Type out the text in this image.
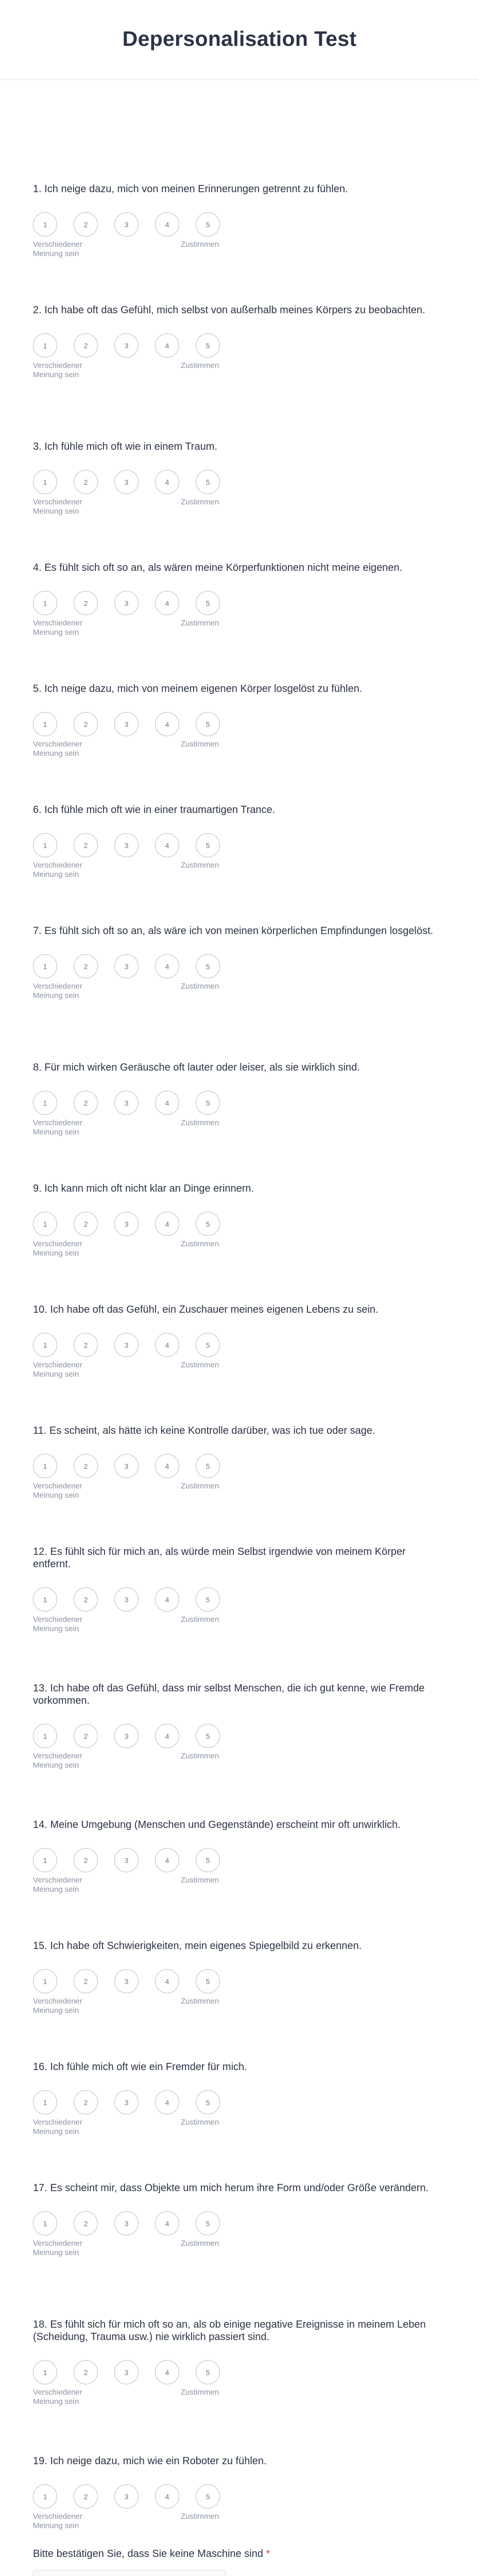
Depersonalisation Test
1. Ich neige dazu, mich von meinen Erinnerungen getrennt zu fühlen.
1	2	3	4	5
Verschiedener Meinung sein
Zustimmen
2. Ich habe oft das Gefühl, mich selbst von außerhalb meines Körpers zu beobachten.
1	2	3	4	5
Verschiedener Meinung sein
Zustimmen
3. Ich fühle mich oft wie in einem Traum.
1	2	3	4	5
Verschiedener Meinung sein
Zustimmen
4. Es fühlt sich oft so an, als wären meine Körperfunktionen nicht meine eigenen.
1	2	3	4	5
Verschiedener Meinung sein
Zustimmen
5. Ich neige dazu, mich von meinem eigenen Körper losgelöst zu fühlen.
1	2	3	4	5
Verschiedener Meinung sein
Zustimmen
6. Ich fühle mich oft wie in einer traumartigen Trance.
1	2	3	4	5
Verschiedener Meinung sein
Zustimmen
7. Es fühlt sich oft so an, als wäre ich von meinen körperlichen Empfindungen losgelöst.
1	2	3	4	5
Verschiedener Meinung sein
Zustimmen
8. Für mich wirken Geräusche oft lauter oder leiser, als sie wirklich sind.
1	2	3	4	5
Verschiedener Meinung sein
Zustimmen
9. Ich kann mich oft nicht klar an Dinge erinnern.
1	2	3	4	5
Verschiedener Meinung sein
Zustimmen
10. Ich habe oft das Gefühl, ein Zuschauer meines eigenen Lebens zu sein.
1	2	3	4	5
Verschiedener Meinung sein
Zustimmen
11. Es scheint, als hätte ich keine Kontrolle darüber, was ich tue oder sage.
1	2	3	4	5
Verschiedener Meinung sein
Zustimmen
12. Es fühlt sich für mich an, als würde mein Selbst irgendwie von meinem Körper entfernt.
1	2	3	4	5
Verschiedener Meinung sein
Zustimmen
13. Ich habe oft das Gefühl, dass mir selbst Menschen, die ich gut kenne, wie Fremde vorkommen.
1	2	3	4	5
Verschiedener Meinung sein
Zustimmen
14. Meine Umgebung (Menschen und Gegenstände) erscheint mir oft unwirklich.
1	2	3	4	5
Verschiedener Meinung sein
Zustimmen
15. Ich habe oft Schwierigkeiten, mein eigenes Spiegelbild zu erkennen.
1	2	3	4	5
Verschiedener Meinung sein
Zustimmen
16. Ich fühle mich oft wie ein Fremder für mich.
1	2	3	4	5
Verschiedener Meinung sein
Zustimmen
17. Es scheint mir, dass Objekte um mich herum ihre Form und/oder Größe verändern.
1	2	3	4	5
Verschiedener Meinung sein
Zustimmen
18. Es fühlt sich für mich oft so an, als ob einige negative Ereignisse in meinem Leben (Scheidung, Trauma usw.) nie wirklich passiert sind.
1	2	3	4	5
Verschiedener Meinung sein
Zustimmen
19. Ich neige dazu, mich wie ein Roboter zu fühlen.
1	2	3	4	5
Verschiedener Meinung sein
Zustimmen
Bitte bestätigen Sie, dass Sie keine Maschine sind *
